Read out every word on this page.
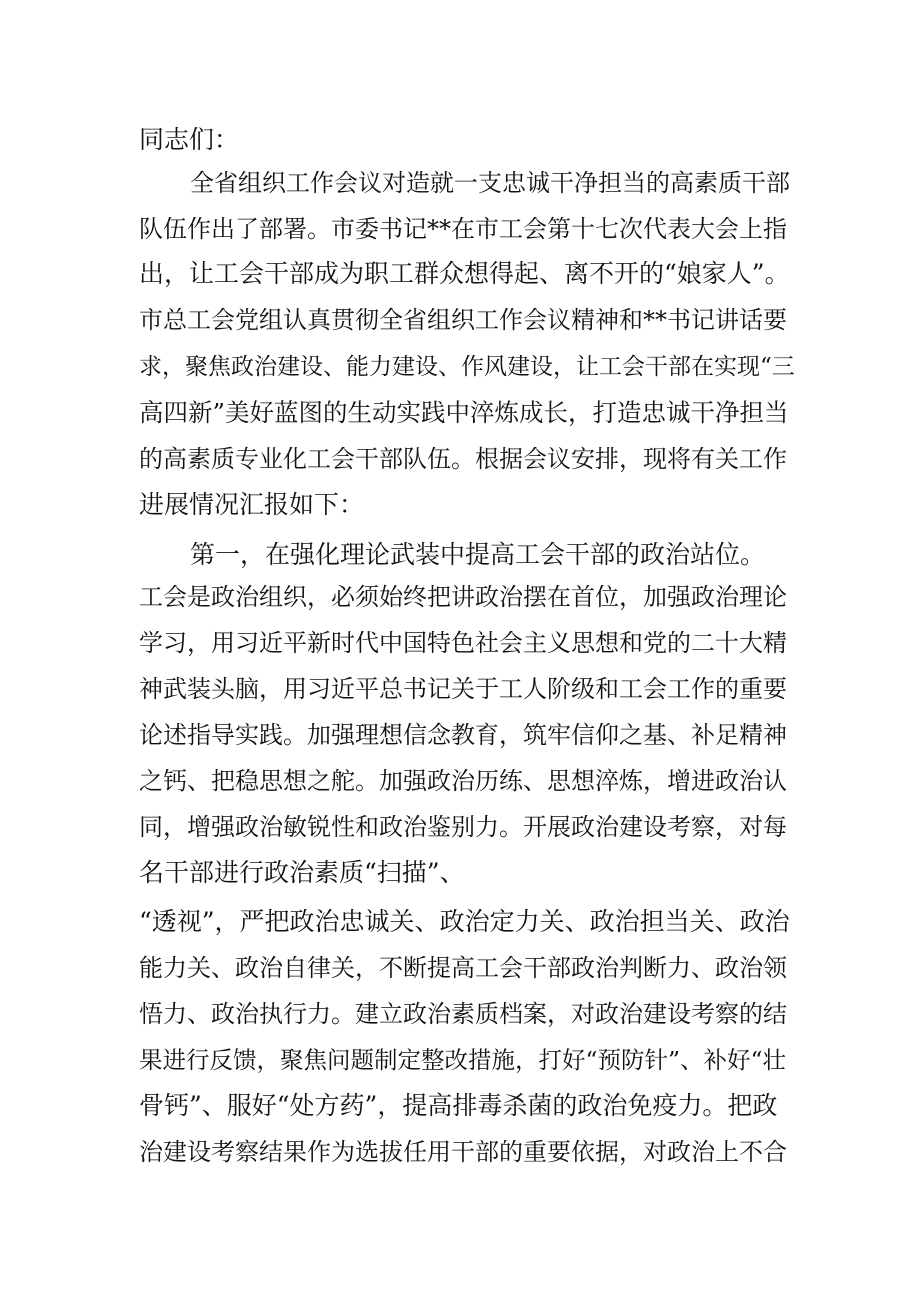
同志们：
全省组织工作会议对造就一支忠诚干净担当的高素质干部
队伍作出了部署。市委书记**在市工会第十七次代表大会上指
出，让工会干部成为职工群众想得起、离不开的“娘家人”。
市总工会党组认真贯彻全省组织工作会议精神和**书记讲话要
求，聚焦政治建设、能力建设、作风建设，让工会干部在实现“三
高四新”美好蓝图的生动实践中淬炼成长，打造忠诚干净担当
的高素质专业化工会干部队伍。根据会议安排，现将有关工作
进展情况汇报如下：
第一，在强化理论武装中提高工会干部的政治站位。
工会是政治组织，必须始终把讲政治摆在首位，加强政治理论
学习，用习近平新时代中国特色社会主义思想和党的二十大精
神武装头脑，用习近平总书记关于工人阶级和工会工作的重要
论述指导实践。加强理想信念教育，筑牢信仰之基、补足精神
之钙、把稳思想之舵。加强政治历练、思想淬炼，增进政治认
同，增强政治敏锐性和政治鉴别力。开展政治建设考察，对每
名干部进行政治素质“扫描”、
“透视”，严把政治忠诚关、政治定力关、政治担当关、政治
能力关、政治自律关，不断提高工会干部政治判断力、政治领
悟力、政治执行力。建立政治素质档案，对政治建设考察的结
果进行反馈，聚焦问题制定整改措施，打好“预防针”、补好“壮
骨钙”、服好“处方药”，提高排毒杀菌的政治免疫力。把政
治建设考察结果作为选拔任用干部的重要依据，对政治上不合
